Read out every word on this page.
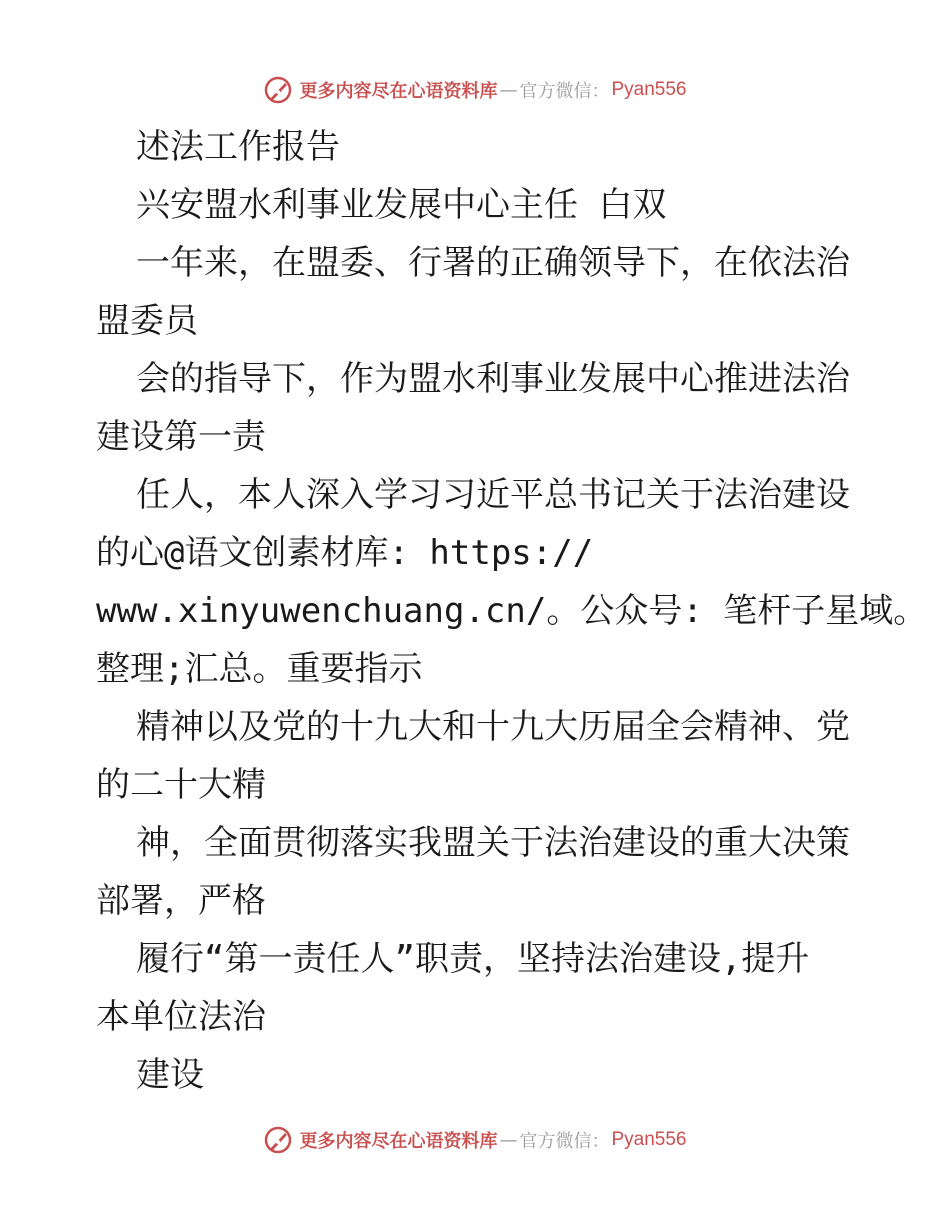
更多内容尽在心语资料库 — 官方微信： Pyan556
述法工作报告
兴安盟水利事业发展中心主任 白双
一年来，在盟委、行署的正确领导下，在依法治
盟委员
会的指导下，作为盟水利事业发展中心推进法治
建设第一责
任人，本人深入学习习近平总书记关于法治建设
的心@语文创素材库: https://
www.xinyuwenchuang.cn/。公众号: 笔杆子星域。
整理;汇总。重要指示
精神以及党的十九大和十九大历届全会精神、党
的二十大精
神，全面贯彻落实我盟关于法治建设的重大决策
部署，严格
履行“第一责任人”职责，坚持法治建设,提升
本单位法治
建设
更多内容尽在心语资料库 — 官方微信： Pyan556
